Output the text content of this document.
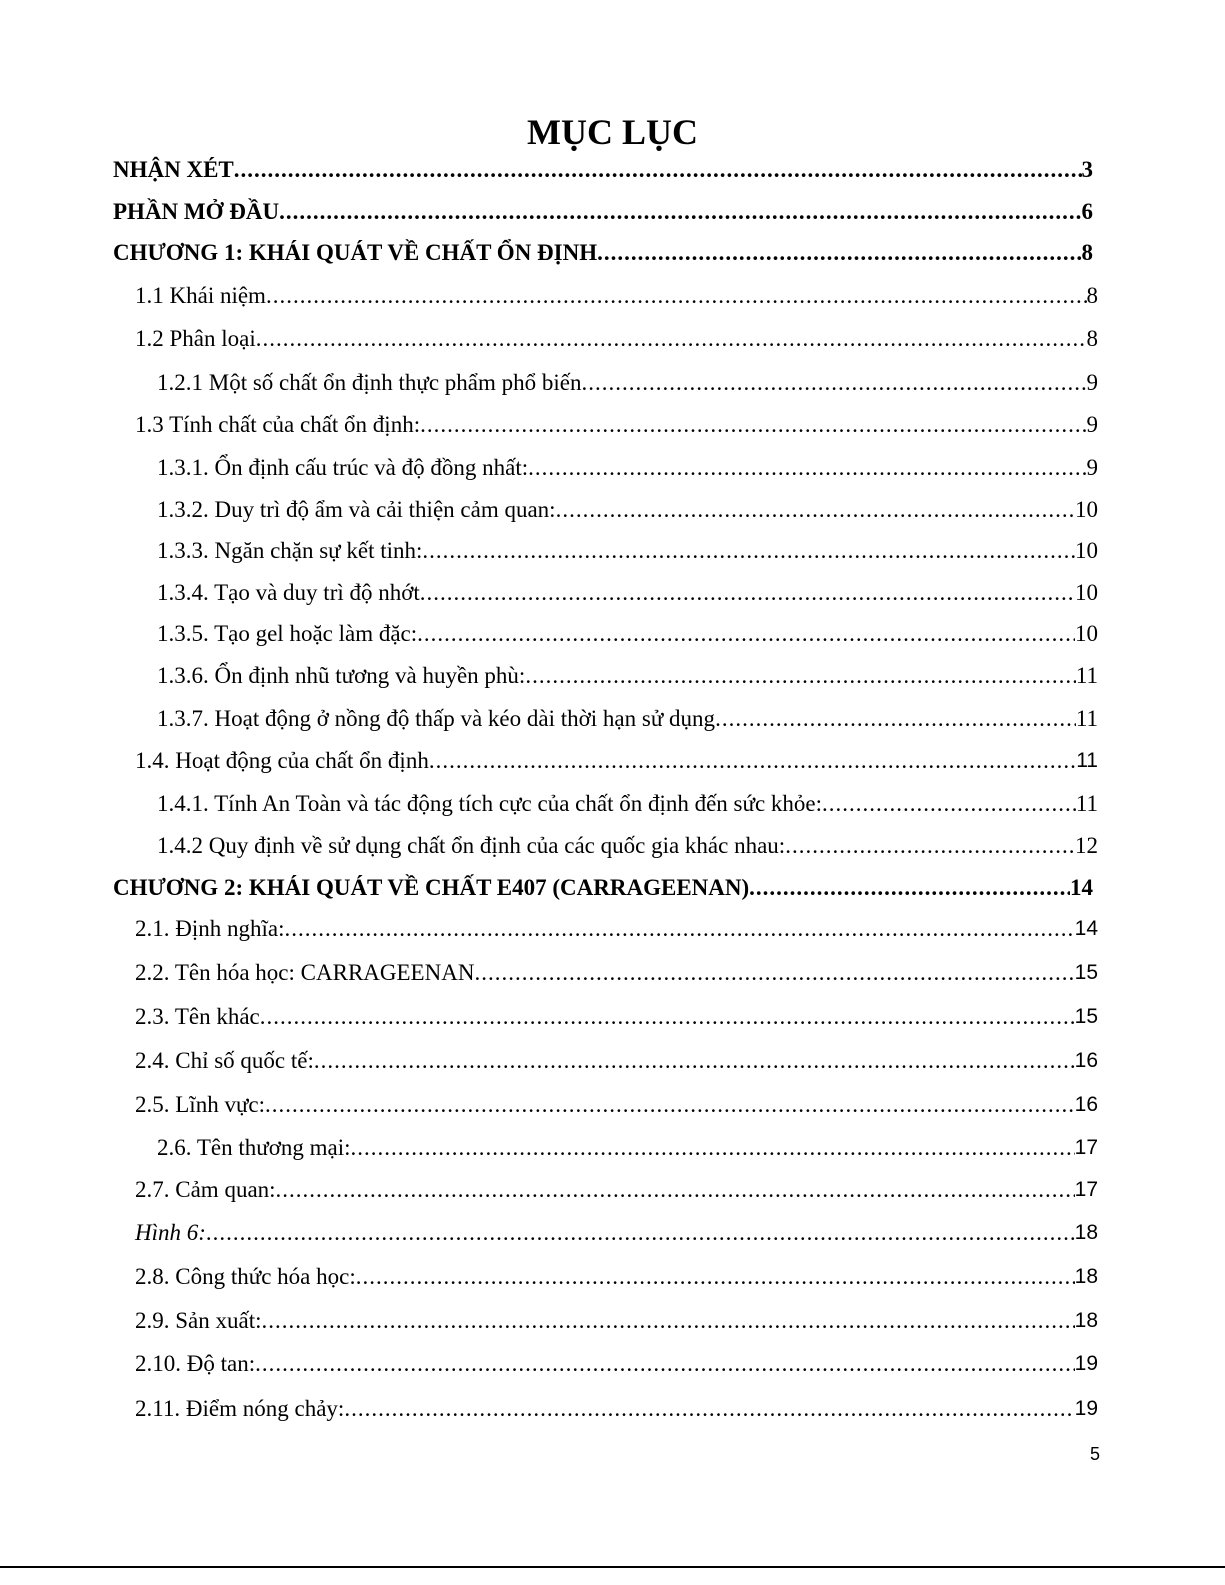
MỤC LỤC
NHẬN XÉT .....	3
PHẦN MỞ ĐẦU .....	6
CHƯƠNG 1: KHÁI QUÁT VỀ CHẤT ỔN ĐỊNH .....	8
1.1 Khái niệm .....	8
1.2 Phân loại .....	8
1.2.1 Một số chất ổn định thực phẩm phổ biến .....	9
1.3 Tính chất của chất ổn định: .....	9
1.3.1. Ổn định cấu trúc và độ đồng nhất: .....	9
1.3.2. Duy trì độ ẩm và cải thiện cảm quan: .....	10
1.3.3. Ngăn chặn sự kết tinh: .....	10
1.3.4. Tạo và duy trì độ nhớt .....	10
1.3.5. Tạo gel hoặc làm đặc: .....	10
1.3.6. Ổn định nhũ tương và huyền phù: .....	11
1.3.7. Hoạt động ở nồng độ thấp và kéo dài thời hạn sử dụng .....	11
1.4. Hoạt động của chất ổn định .....	11
1.4.1. Tính An Toàn và tác động tích cực của chất ổn định đến sức khỏe: .....	11
1.4.2 Quy định về sử dụng chất ổn định của các quốc gia khác nhau: .....	12
CHƯƠNG 2: KHÁI QUÁT VỀ CHẤT E407 (CARRAGEENAN) .....	14
2.1. Định nghĩa: .....	14
2.2. Tên hóa học: CARRAGEENAN .....	15
2.3. Tên khác .....	15
2.4. Chỉ số quốc tế: .....	16
2.5. Lĩnh vực: .....	16
2.6. Tên thương mại: .....	17
2.7. Cảm quan: .....	17
Hình 6: .....	18
2.8. Công thức hóa học: .....	18
2.9. Sản xuất: .....	18
2.10. Độ tan: .....	19
2.11. Điểm nóng chảy: .....	19
5
